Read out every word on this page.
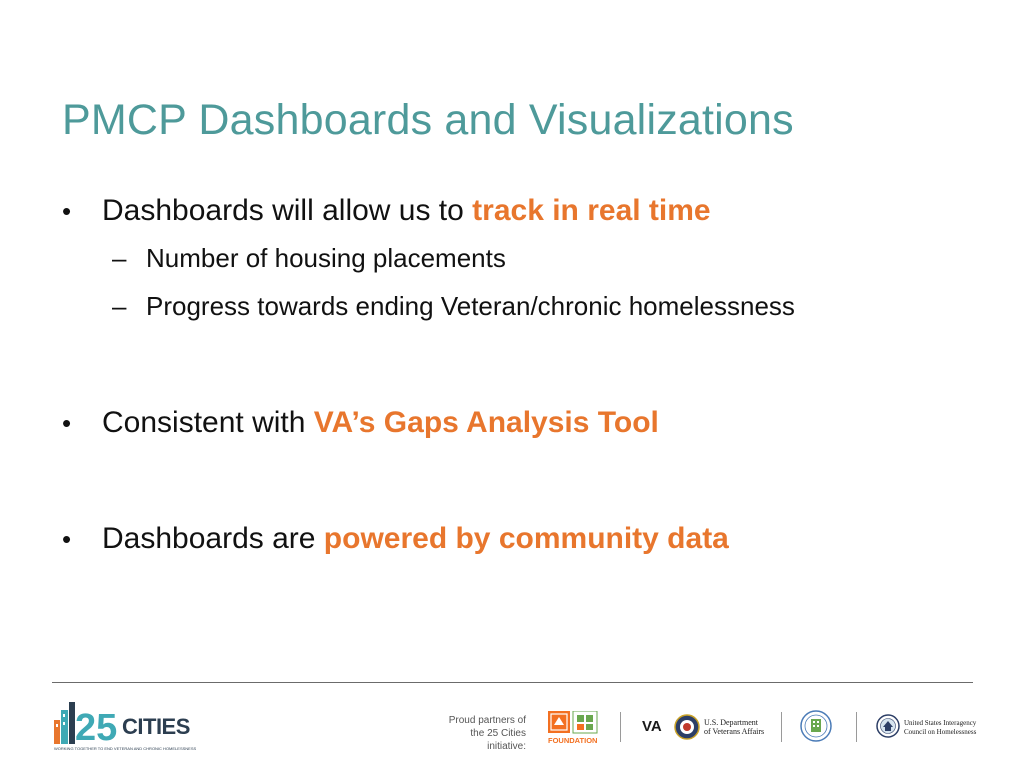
PMCP Dashboards and Visualizations
•	Dashboards will allow us to track in real time
– Number of housing placements
– Progress towards ending Veteran/chronic homelessness
•	Consistent with VA’s Gaps Analysis Tool
•	Dashboards are powered by community data
25 CITIES
WORKING TOGETHER TO END VETERAN AND CHRONIC HOMELESSNESS
Proud partners of
the 25 Cities initiative:
FOUNDATION
VA	U.S. Department
of Veterans Affairs
United States Interagency
Council on Homelessness
